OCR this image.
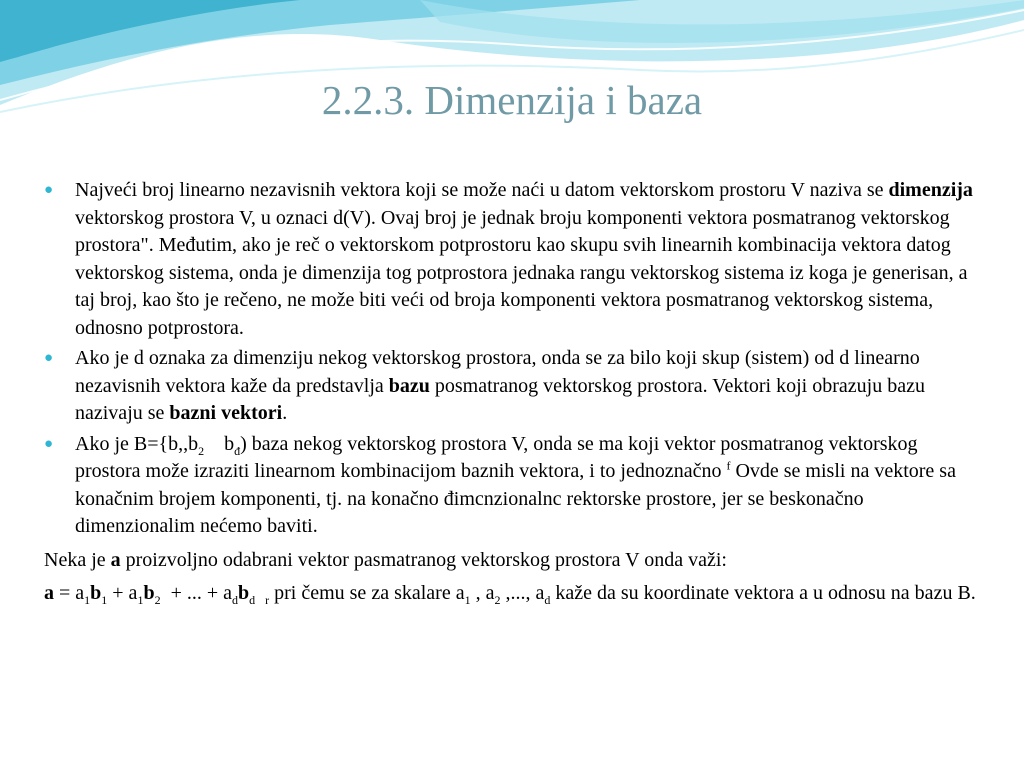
2.2.3. Dimenzija i baza
● Najveći broj linearno nezavisnih vektora koji se može naći u datom vektorskom prostoru V naziva se dimenzija vektorskog prostora V, u oznaci d(V). Ovaj broj je jednak broju komponenti vektora posmatranog vektorskog prostora". Međutim, ako je reč o vektorskom potprostoru kao skupu svih linearnih kombinacija vektora datog vektorskog sistema, onda je dimenzija tog potprostora jednaka rangu vektorskog sistema iz koga je generisan, a taj broj, kao što je rečeno, ne može biti veći od broja komponenti vektora posmatranog vektorskog sistema, odnosno potprostora.
● Ako je d oznaka za dimenziju nekog vektorskog prostora, onda se za bilo koji skup (sistem) od d linearno nezavisnih vektora kaže da predstavlja bazu posmatranog vektorskog prostora. Vektori koji obrazuju bazu nazivaju se bazni vektori.
● Ako je $B=\{b,,b_2$    $b_đ$) baza nekog vektorskog prostora V, onda se ma koji vektor posmatranog vektorskog prostora može izraziti linearnom kombinacijom baznih vektora, i to jednoznačno $^f$ Ovde se misli na vektore sa konačnim brojem komponenti, tj. na konačno đimcnzionalnc rektorske prostore, jer se beskonačno dimenzionalim nećemo baviti.

Neka je a proizvoljno odabrani vektor pasmatranog vektorskog prostora V onda važi:

$a = a_1b_1 + a_1b_2$  + ... + $a_db_d$ $_r$ pri čemu se za skalare $a_1$ , $a_2$ ,..., $a_d$ kaže da su koordinate vektora a u odnosu na bazu B.
